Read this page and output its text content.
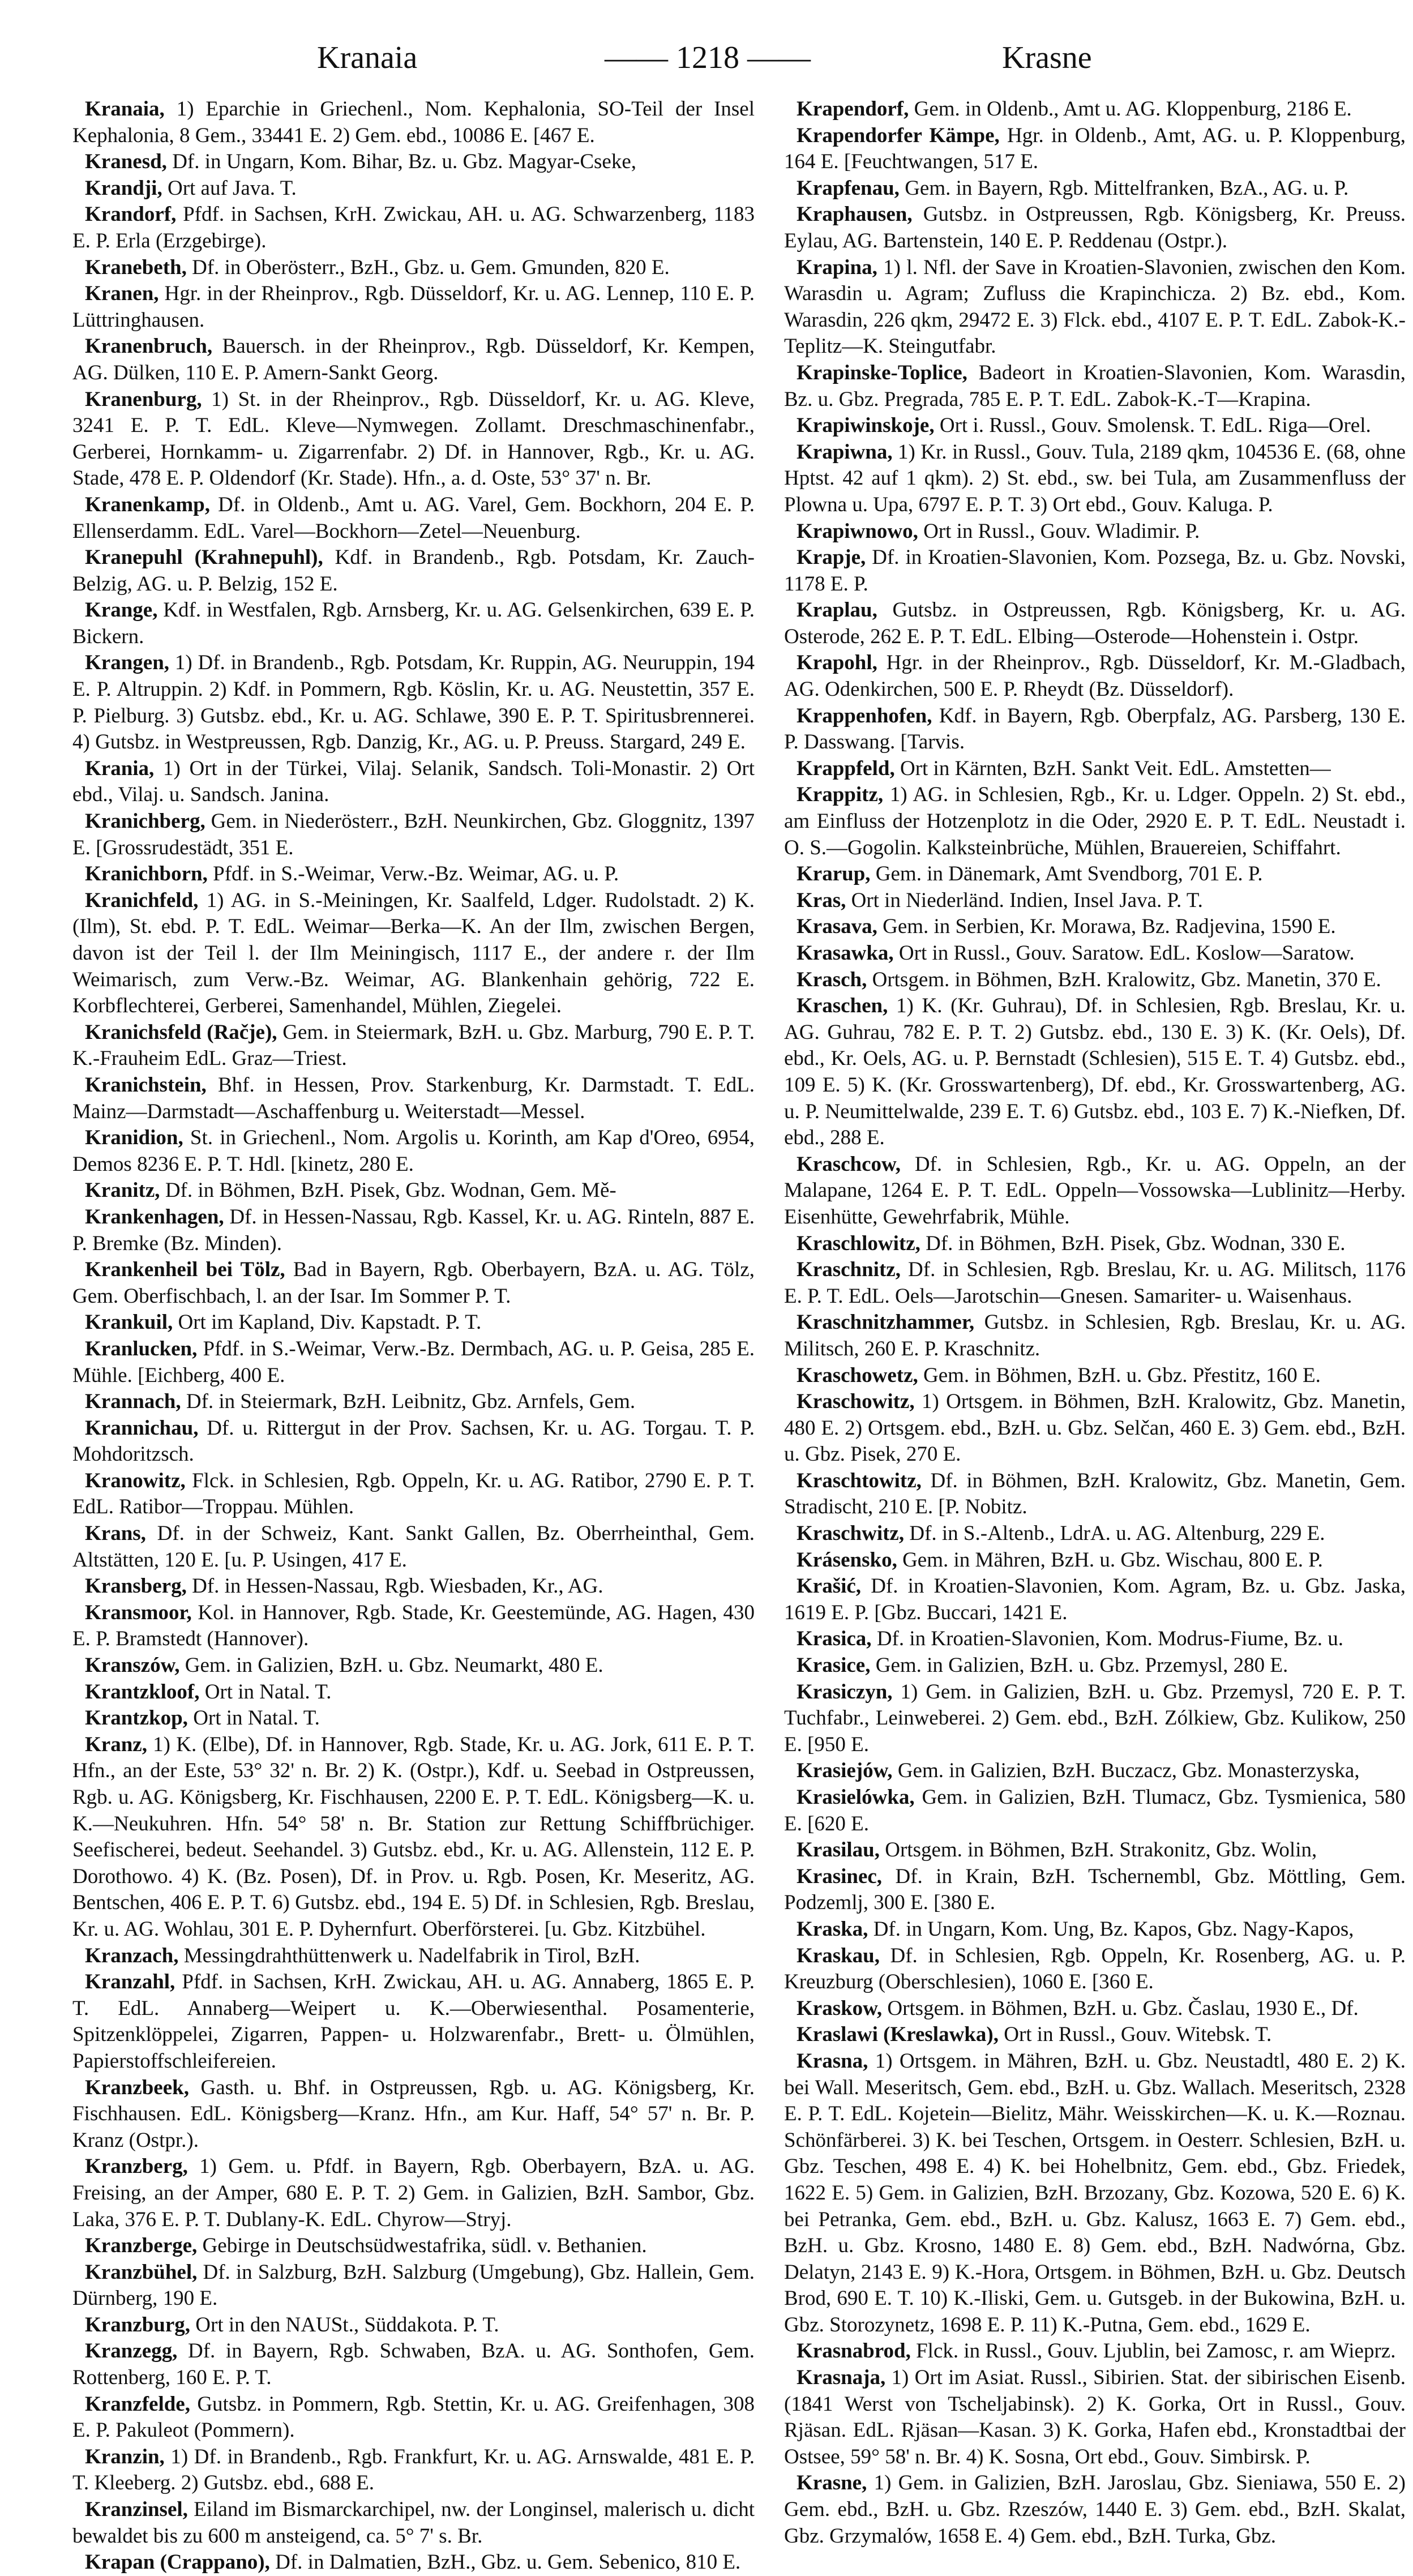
Kranaia	—— 1218 ——	Krasne

Kranaia, 1) Eparchie in Griechenl., Nom. Kephalonia, SO-Teil der Insel Kephalonia, 8 Gem., 33441 E. 2) Gem. ebd., 10086 E. [467 E.

Kranesd, Df. in Ungarn, Kom. Bihar, Bz. u. Gbz. Magyar-Cseke,

Krandji, Ort auf Java. T.

Krandorf, Pfdf. in Sachsen, KrH. Zwickau, AH. u. AG. Schwarzenberg, 1183 E. P. Erla (Erzgebirge).

Kranebeth, Df. in Oberösterr., BzH., Gbz. u. Gem. Gmunden, 820 E.

Kranen, Hgr. in der Rheinprov., Rgb. Düsseldorf, Kr. u. AG. Lennep, 110 E. P. Lüttringhausen.

Kranenbruch, Bauersch. in der Rheinprov., Rgb. Düsseldorf, Kr. Kempen, AG. Dülken, 110 E. P. Amern-Sankt Georg.

Kranenburg, 1) St. in der Rheinprov., Rgb. Düsseldorf, Kr. u. AG. Kleve, 3241 E. P. T. EdL. Kleve—Nymwegen. Zollamt. Dreschmaschinenfabr., Gerberei, Hornkamm- u. Zigarrenfabr. 2) Df. in Hannover, Rgb., Kr. u. AG. Stade, 478 E. P. Oldendorf (Kr. Stade). Hfn., a. d. Oste, 53° 37' n. Br.

Kranenkamp, Df. in Oldenb., Amt u. AG. Varel, Gem. Bockhorn, 204 E. P. Ellenserdamm. EdL. Varel—Bockhorn—Zetel—Neuenburg.

Kranepuhl (Krahnepuhl), Kdf. in Brandenb., Rgb. Potsdam, Kr. Zauch-Belzig, AG. u. P. Belzig, 152 E.

Krange, Kdf. in Westfalen, Rgb. Arnsberg, Kr. u. AG. Gelsenkirchen, 639 E. P. Bickern.

Krangen, 1) Df. in Brandenb., Rgb. Potsdam, Kr. Ruppin, AG. Neuruppin, 194 E. P. Altruppin. 2) Kdf. in Pommern, Rgb. Köslin, Kr. u. AG. Neustettin, 357 E. P. Pielburg. 3) Gutsbz. ebd., Kr. u. AG. Schlawe, 390 E. P. T. Spiritusbrennerei. 4) Gutsbz. in Westpreussen, Rgb. Danzig, Kr., AG. u. P. Preuss. Stargard, 249 E.

Krania, 1) Ort in der Türkei, Vilaj. Selanik, Sandsch. Toli-Monastir. 2) Ort ebd., Vilaj. u. Sandsch. Janina.

Kranichberg, Gem. in Niederösterr., BzH. Neunkirchen, Gbz. Gloggnitz, 1397 E. [Grossrudestädt, 351 E.

Kranichborn, Pfdf. in S.-Weimar, Verw.-Bz. Weimar, AG. u. P.

Kranichfeld, 1) AG. in S.-Meiningen, Kr. Saalfeld, Ldger. Rudolstadt. 2) K. (Ilm), St. ebd. P. T. EdL. Weimar—Berka—K. An der Ilm, zwischen Bergen, davon ist der Teil l. der Ilm Meiningisch, 1117 E., der andere r. der Ilm Weimarisch, zum Verw.-Bz. Weimar, AG. Blankenhain gehörig, 722 E. Korbflechterei, Gerberei, Samenhandel, Mühlen, Ziegelei.

Kranichsfeld (Račje), Gem. in Steiermark, BzH. u. Gbz. Marburg, 790 E. P. T. K.-Frauheim EdL. Graz—Triest.

Kranichstein, Bhf. in Hessen, Prov. Starkenburg, Kr. Darmstadt. T. EdL. Mainz—Darmstadt—Aschaffenburg u. Weiterstadt—Messel.

Kranidion, St. in Griechenl., Nom. Argolis u. Korinth, am Kap d'Oreo, 6954, Demos 8236 E. P. T. Hdl. [kinetz, 280 E.

Kranitz, Df. in Böhmen, BzH. Pisek, Gbz. Wodnan, Gem. Mě-

Krankenhagen, Df. in Hessen-Nassau, Rgb. Kassel, Kr. u. AG. Rinteln, 887 E. P. Bremke (Bz. Minden).

Krankenheil bei Tölz, Bad in Bayern, Rgb. Oberbayern, BzA. u. AG. Tölz, Gem. Oberfischbach, l. an der Isar. Im Sommer P. T.

Krankuil, Ort im Kapland, Div. Kapstadt. P. T.

Kranlucken, Pfdf. in S.-Weimar, Verw.-Bz. Dermbach, AG. u. P. Geisa, 285 E. Mühle. [Eichberg, 400 E.

Krannach, Df. in Steiermark, BzH. Leibnitz, Gbz. Arnfels, Gem.

Krannichau, Df. u. Rittergut in der Prov. Sachsen, Kr. u. AG. Torgau. T. P. Mohdoritzsch.

Kranowitz, Flck. in Schlesien, Rgb. Oppeln, Kr. u. AG. Ratibor, 2790 E. P. T. EdL. Ratibor—Troppau. Mühlen.

Krans, Df. in der Schweiz, Kant. Sankt Gallen, Bz. Oberrheinthal, Gem. Altstätten, 120 E. [u. P. Usingen, 417 E.

Kransberg, Df. in Hessen-Nassau, Rgb. Wiesbaden, Kr., AG.

Kransmoor, Kol. in Hannover, Rgb. Stade, Kr. Geestemünde, AG. Hagen, 430 E. P. Bramstedt (Hannover).

Kranszów, Gem. in Galizien, BzH. u. Gbz. Neumarkt, 480 E.

Krantzkloof, Ort in Natal. T.

Krantzkop, Ort in Natal. T.

Kranz, 1) K. (Elbe), Df. in Hannover, Rgb. Stade, Kr. u. AG. Jork, 611 E. P. T. Hfn., an der Este, 53° 32' n. Br. 2) K. (Ostpr.), Kdf. u. Seebad in Ostpreussen, Rgb. u. AG. Königsberg, Kr. Fischhausen, 2200 E. P. T. EdL. Königsberg—K. u. K.—Neukuhren. Hfn. 54° 58' n. Br. Station zur Rettung Schiffbrüchiger. Seefischerei, bedeut. Seehandel. 3) Gutsbz. ebd., Kr. u. AG. Allenstein, 112 E. P. Dorothowo. 4) K. (Bz. Posen), Df. in Prov. u. Rgb. Posen, Kr. Meseritz, AG. Bentschen, 406 E. P. T. 6) Gutsbz. ebd., 194 E. 5) Df. in Schlesien, Rgb. Breslau, Kr. u. AG. Wohlau, 301 E. P. Dyhernfurt. Oberförsterei. [u. Gbz. Kitzbühel.

Kranzach, Messingdrahthüttenwerk u. Nadelfabrik in Tirol, BzH.

Kranzahl, Pfdf. in Sachsen, KrH. Zwickau, AH. u. AG. Annaberg, 1865 E. P. T. EdL. Annaberg—Weipert u. K.—Oberwiesenthal. Posamenterie, Spitzenklöppelei, Zigarren, Pappen- u. Holzwarenfabr., Brett- u. Ölmühlen, Papierstoffschleifereien.

Kranzbeek, Gasth. u. Bhf. in Ostpreussen, Rgb. u. AG. Königsberg, Kr. Fischhausen. EdL. Königsberg—Kranz. Hfn., am Kur. Haff, 54° 57' n. Br. P. Kranz (Ostpr.).

Kranzberg, 1) Gem. u. Pfdf. in Bayern, Rgb. Oberbayern, BzA. u. AG. Freising, an der Amper, 680 E. P. T. 2) Gem. in Galizien, BzH. Sambor, Gbz. Laka, 376 E. P. T. Dublany-K. EdL. Chyrow—Stryj.

Kranzberge, Gebirge in Deutschsüdwestafrika, südl. v. Bethanien.

Kranzbühel, Df. in Salzburg, BzH. Salzburg (Umgebung), Gbz. Hallein, Gem. Dürnberg, 190 E.

Kranzburg, Ort in den NAUSt., Süddakota. P. T.

Kranzegg, Df. in Bayern, Rgb. Schwaben, BzA. u. AG. Sonthofen, Gem. Rottenberg, 160 E. P. T.

Kranzfelde, Gutsbz. in Pommern, Rgb. Stettin, Kr. u. AG. Greifenhagen, 308 E. P. Pakuleot (Pommern).

Kranzin, 1) Df. in Brandenb., Rgb. Frankfurt, Kr. u. AG. Arnswalde, 481 E. P. T. Kleeberg. 2) Gutsbz. ebd., 688 E.

Kranzinsel, Eiland im Bismarckarchipel, nw. der Longinsel, malerisch u. dicht bewaldet bis zu 600 m ansteigend, ca. 5° 7' s. Br.

Krapan (Crappano), Df. in Dalmatien, BzH., Gbz. u. Gem. Sebenico, 810 E.

Krapendorf, Gem. in Oldenb., Amt u. AG. Kloppenburg, 2186 E.

Krapendorfer Kämpe, Hgr. in Oldenb., Amt, AG. u. P. Kloppenburg, 164 E. [Feuchtwangen, 517 E.

Krapfenau, Gem. in Bayern, Rgb. Mittelfranken, BzA., AG. u. P.

Kraphausen, Gutsbz. in Ostpreussen, Rgb. Königsberg, Kr. Preuss. Eylau, AG. Bartenstein, 140 E. P. Reddenau (Ostpr.).

Krapina, 1) l. Nfl. der Save in Kroatien-Slavonien, zwischen den Kom. Warasdin u. Agram; Zufluss die Krapinchicza. 2) Bz. ebd., Kom. Warasdin, 226 qkm, 29472 E. 3) Flck. ebd., 4107 E. P. T. EdL. Zabok-K.-Teplitz—K. Steingutfabr.

Krapinske-Toplice, Badeort in Kroatien-Slavonien, Kom. Warasdin, Bz. u. Gbz. Pregrada, 785 E. P. T. EdL. Zabok-K.-T—Krapina.

Krapiwinskoje, Ort i. Russl., Gouv. Smolensk. T. EdL. Riga—Orel.

Krapiwna, 1) Kr. in Russl., Gouv. Tula, 2189 qkm, 104536 E. (68, ohne Hptst. 42 auf 1 qkm). 2) St. ebd., sw. bei Tula, am Zusammenfluss der Plowna u. Upa, 6797 E. P. T. 3) Ort ebd., Gouv. Kaluga. P.

Krapiwnowo, Ort in Russl., Gouv. Wladimir. P.

Krapje, Df. in Kroatien-Slavonien, Kom. Pozsega, Bz. u. Gbz. Novski, 1178 E. P.

Kraplau, Gutsbz. in Ostpreussen, Rgb. Königsberg, Kr. u. AG. Osterode, 262 E. P. T. EdL. Elbing—Osterode—Hohenstein i. Ostpr.

Krapohl, Hgr. in der Rheinprov., Rgb. Düsseldorf, Kr. M.-Gladbach, AG. Odenkirchen, 500 E. P. Rheydt (Bz. Düsseldorf).

Krappenhofen, Kdf. in Bayern, Rgb. Oberpfalz, AG. Parsberg, 130 E. P. Dasswang. [Tarvis.

Krappfeld, Ort in Kärnten, BzH. Sankt Veit. EdL. Amstetten—

Krappitz, 1) AG. in Schlesien, Rgb., Kr. u. Ldger. Oppeln. 2) St. ebd., am Einfluss der Hotzenplotz in die Oder, 2920 E. P. T. EdL. Neustadt i. O. S.—Gogolin. Kalksteinbrüche, Mühlen, Brauereien, Schiffahrt.

Krarup, Gem. in Dänemark, Amt Svendborg, 701 E. P.

Kras, Ort in Niederländ. Indien, Insel Java. P. T.

Krasava, Gem. in Serbien, Kr. Morawa, Bz. Radjevina, 1590 E.

Krasawka, Ort in Russl., Gouv. Saratow. EdL. Koslow—Saratow.

Krasch, Ortsgem. in Böhmen, BzH. Kralowitz, Gbz. Manetin, 370 E.

Kraschen, 1) K. (Kr. Guhrau), Df. in Schlesien, Rgb. Breslau, Kr. u. AG. Guhrau, 782 E. P. T. 2) Gutsbz. ebd., 130 E. 3) K. (Kr. Oels), Df. ebd., Kr. Oels, AG. u. P. Bernstadt (Schlesien), 515 E. T. 4) Gutsbz. ebd., 109 E. 5) K. (Kr. Grosswartenberg), Df. ebd., Kr. Grosswartenberg, AG. u. P. Neumittelwalde, 239 E. T. 6) Gutsbz. ebd., 103 E. 7) K.-Niefken, Df. ebd., 288 E.

Kraschcow, Df. in Schlesien, Rgb., Kr. u. AG. Oppeln, an der Malapane, 1264 E. P. T. EdL. Oppeln—Vossowska—Lublinitz—Herby. Eisenhütte, Gewehrfabrik, Mühle.

Kraschlowitz, Df. in Böhmen, BzH. Pisek, Gbz. Wodnan, 330 E.

Kraschnitz, Df. in Schlesien, Rgb. Breslau, Kr. u. AG. Militsch, 1176 E. P. T. EdL. Oels—Jarotschin—Gnesen. Samariter- u. Waisenhaus.

Kraschnitzhammer, Gutsbz. in Schlesien, Rgb. Breslau, Kr. u. AG. Militsch, 260 E. P. Kraschnitz.

Kraschowetz, Gem. in Böhmen, BzH. u. Gbz. Přestitz, 160 E.

Kraschowitz, 1) Ortsgem. in Böhmen, BzH. Kralowitz, Gbz. Manetin, 480 E. 2) Ortsgem. ebd., BzH. u. Gbz. Selčan, 460 E. 3) Gem. ebd., BzH. u. Gbz. Pisek, 270 E.

Kraschtowitz, Df. in Böhmen, BzH. Kralowitz, Gbz. Manetin, Gem. Stradischt, 210 E. [P. Nobitz.

Kraschwitz, Df. in S.-Altenb., LdrA. u. AG. Altenburg, 229 E.

Krásensko, Gem. in Mähren, BzH. u. Gbz. Wischau, 800 E. P.

Krašić, Df. in Kroatien-Slavonien, Kom. Agram, Bz. u. Gbz. Jaska, 1619 E. P. [Gbz. Buccari, 1421 E.

Krasica, Df. in Kroatien-Slavonien, Kom. Modrus-Fiume, Bz. u.

Krasice, Gem. in Galizien, BzH. u. Gbz. Przemysl, 280 E.

Krasiczyn, 1) Gem. in Galizien, BzH. u. Gbz. Przemysl, 720 E. P. T. Tuchfabr., Leinweberei. 2) Gem. ebd., BzH. Zólkiew, Gbz. Kulikow, 250 E. [950 E.

Krasiejów, Gem. in Galizien, BzH. Buczacz, Gbz. Monasterzyska,

Krasielówka, Gem. in Galizien, BzH. Tlumacz, Gbz. Tysmienica, 580 E. [620 E.

Krasilau, Ortsgem. in Böhmen, BzH. Strakonitz, Gbz. Wolin,

Krasinec, Df. in Krain, BzH. Tschernembl, Gbz. Möttling, Gem. Podzemlj, 300 E. [380 E.

Kraska, Df. in Ungarn, Kom. Ung, Bz. Kapos, Gbz. Nagy-Kapos,

Kraskau, Df. in Schlesien, Rgb. Oppeln, Kr. Rosenberg, AG. u. P. Kreuzburg (Oberschlesien), 1060 E. [360 E.

Kraskow, Ortsgem. in Böhmen, BzH. u. Gbz. Časlau, 1930 E., Df.

Kraslawi (Kreslawka), Ort in Russl., Gouv. Witebsk. T.

Krasna, 1) Ortsgem. in Mähren, BzH. u. Gbz. Neustadtl, 480 E. 2) K. bei Wall. Meseritsch, Gem. ebd., BzH. u. Gbz. Wallach. Meseritsch, 2328 E. P. T. EdL. Kojetein—Bielitz, Mähr. Weisskirchen—K. u. K.—Roznau. Schönfärberei. 3) K. bei Teschen, Ortsgem. in Oesterr. Schlesien, BzH. u. Gbz. Teschen, 498 E. 4) K. bei Hohelbnitz, Gem. ebd., Gbz. Friedek, 1622 E. 5) Gem. in Galizien, BzH. Brzozany, Gbz. Kozowa, 520 E. 6) K. bei Petranka, Gem. ebd., BzH. u. Gbz. Kalusz, 1663 E. 7) Gem. ebd., BzH. u. Gbz. Krosno, 1480 E. 8) Gem. ebd., BzH. Nadwórna, Gbz. Delatyn, 2143 E. 9) K.-Hora, Ortsgem. in Böhmen, BzH. u. Gbz. Deutsch Brod, 690 E. T. 10) K.-Iliski, Gem. u. Gutsgeb. in der Bukowina, BzH. u. Gbz. Storozynetz, 1698 E. P. 11) K.-Putna, Gem. ebd., 1629 E.

Krasnabrod, Flck. in Russl., Gouv. Ljublin, bei Zamosc, r. am Wieprz.

Krasnaja, 1) Ort im Asiat. Russl., Sibirien. Stat. der sibirischen Eisenb. (1841 Werst von Tscheljabinsk). 2) K. Gorka, Ort in Russl., Gouv. Rjäsan. EdL. Rjäsan—Kasan. 3) K. Gorka, Hafen ebd., Kronstadtbai der Ostsee, 59° 58' n. Br. 4) K. Sosna, Ort ebd., Gouv. Simbirsk. P.

Krasne, 1) Gem. in Galizien, BzH. Jaroslau, Gbz. Sieniawa, 550 E. 2) Gem. ebd., BzH. u. Gbz. Rzeszów, 1440 E. 3) Gem. ebd., BzH. Skalat, Gbz. Grzymalów, 1658 E. 4) Gem. ebd., BzH. Turka, Gbz.
